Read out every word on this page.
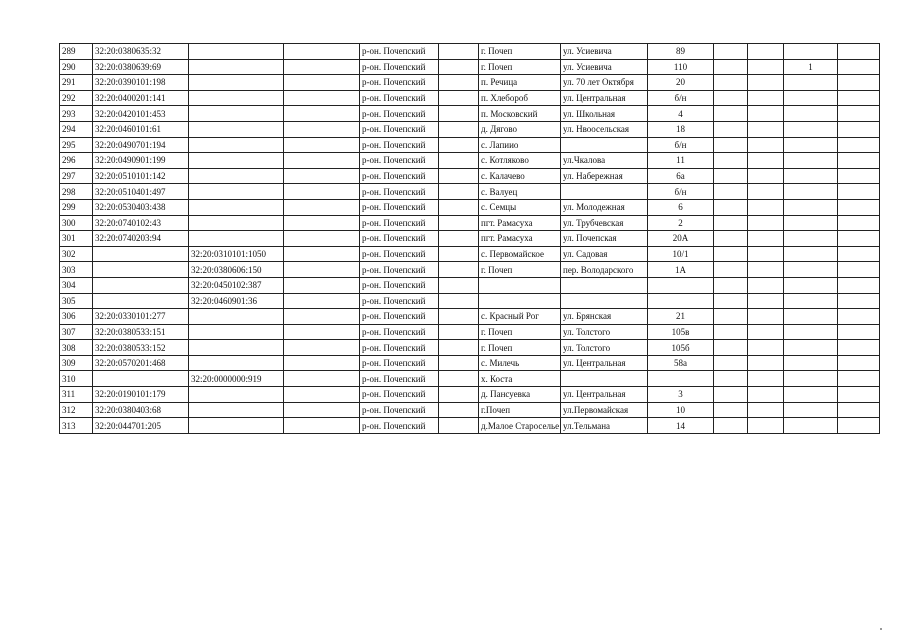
289	32:20:0380635:32			р-он. Почепский		г. Почеп	ул. Усиевича	89				
290	32:20:0380639:69			р-он. Почепский		г. Почеп	ул. Усиевича	110			1	
291	32:20:0390101:198			р-он. Почепский		п. Речица	ул. 70 лет Октября	20				
292	32:20:0400201:141			р-он. Почепский		п. Хлебороб	ул. Центральная	б/н				
293	32:20:0420101:453			р-он. Почепский		п. Московский	ул. Школьная	4				
294	32:20:0460101:61			р-он. Почепский		д. Дягово	ул. Нвоосельская	18				
295	32:20:0490701:194			р-он. Почепский		с. Лапиио		б/н				
296	32:20:0490901:199			р-он. Почепский		с. Котляково	ул.Чкалова	11				
297	32:20:0510101:142			р-он. Почепский		с. Калачево	ул. Набережная	6а				
298	32:20:0510401:497			р-он. Почепский		с. Валуец		б/н				
299	32:20:0530403:438			р-он. Почепский		с. Семцы	ул. Молодежная	6				
300	32:20:0740102:43			р-он. Почепский		пгт. Рамасуха	ул. Трубчевская	2				
301	32:20:0740203:94			р-он. Почепский		пгт. Рамасуха	ул. Почепская	20А				
302		32:20:0310101:1050		р-он. Почепский		с. Первомайское	ул. Садовая	10/1				
303		32:20:0380606:150		р-он. Почепский		г. Почеп	пер. Володарского	1А				
304		32:20:0450102:387		р-он. Почепский								
305		32:20:0460901:36		р-он. Почепский								
306	32:20:0330101:277			р-он. Почепский		с. Красный Рог	ул. Брянская	21				
307	32:20:0380533:151			р-он. Почепский		г. Почеп	ул. Толстого	105в				
308	32:20:0380533:152			р-он. Почепский		г. Почеп	ул. Толстого	105б				
309	32:20:0570201:468			р-он. Почепский		с. Милечь	ул. Центральная	58а				
310		32:20:0000000:919		р-он. Почепский		х. Коста						
311	32:20:0190101:179			р-он. Почепский		д. Пансуевка	ул. Центральная	3				
312	32:20:0380403:68			р-он. Почепский		г.Почеп	ул.Первомайская	10				
313	32:20:044701:205			р-он. Почепский		д.Малое Староселье	ул.Тельмана	14				
